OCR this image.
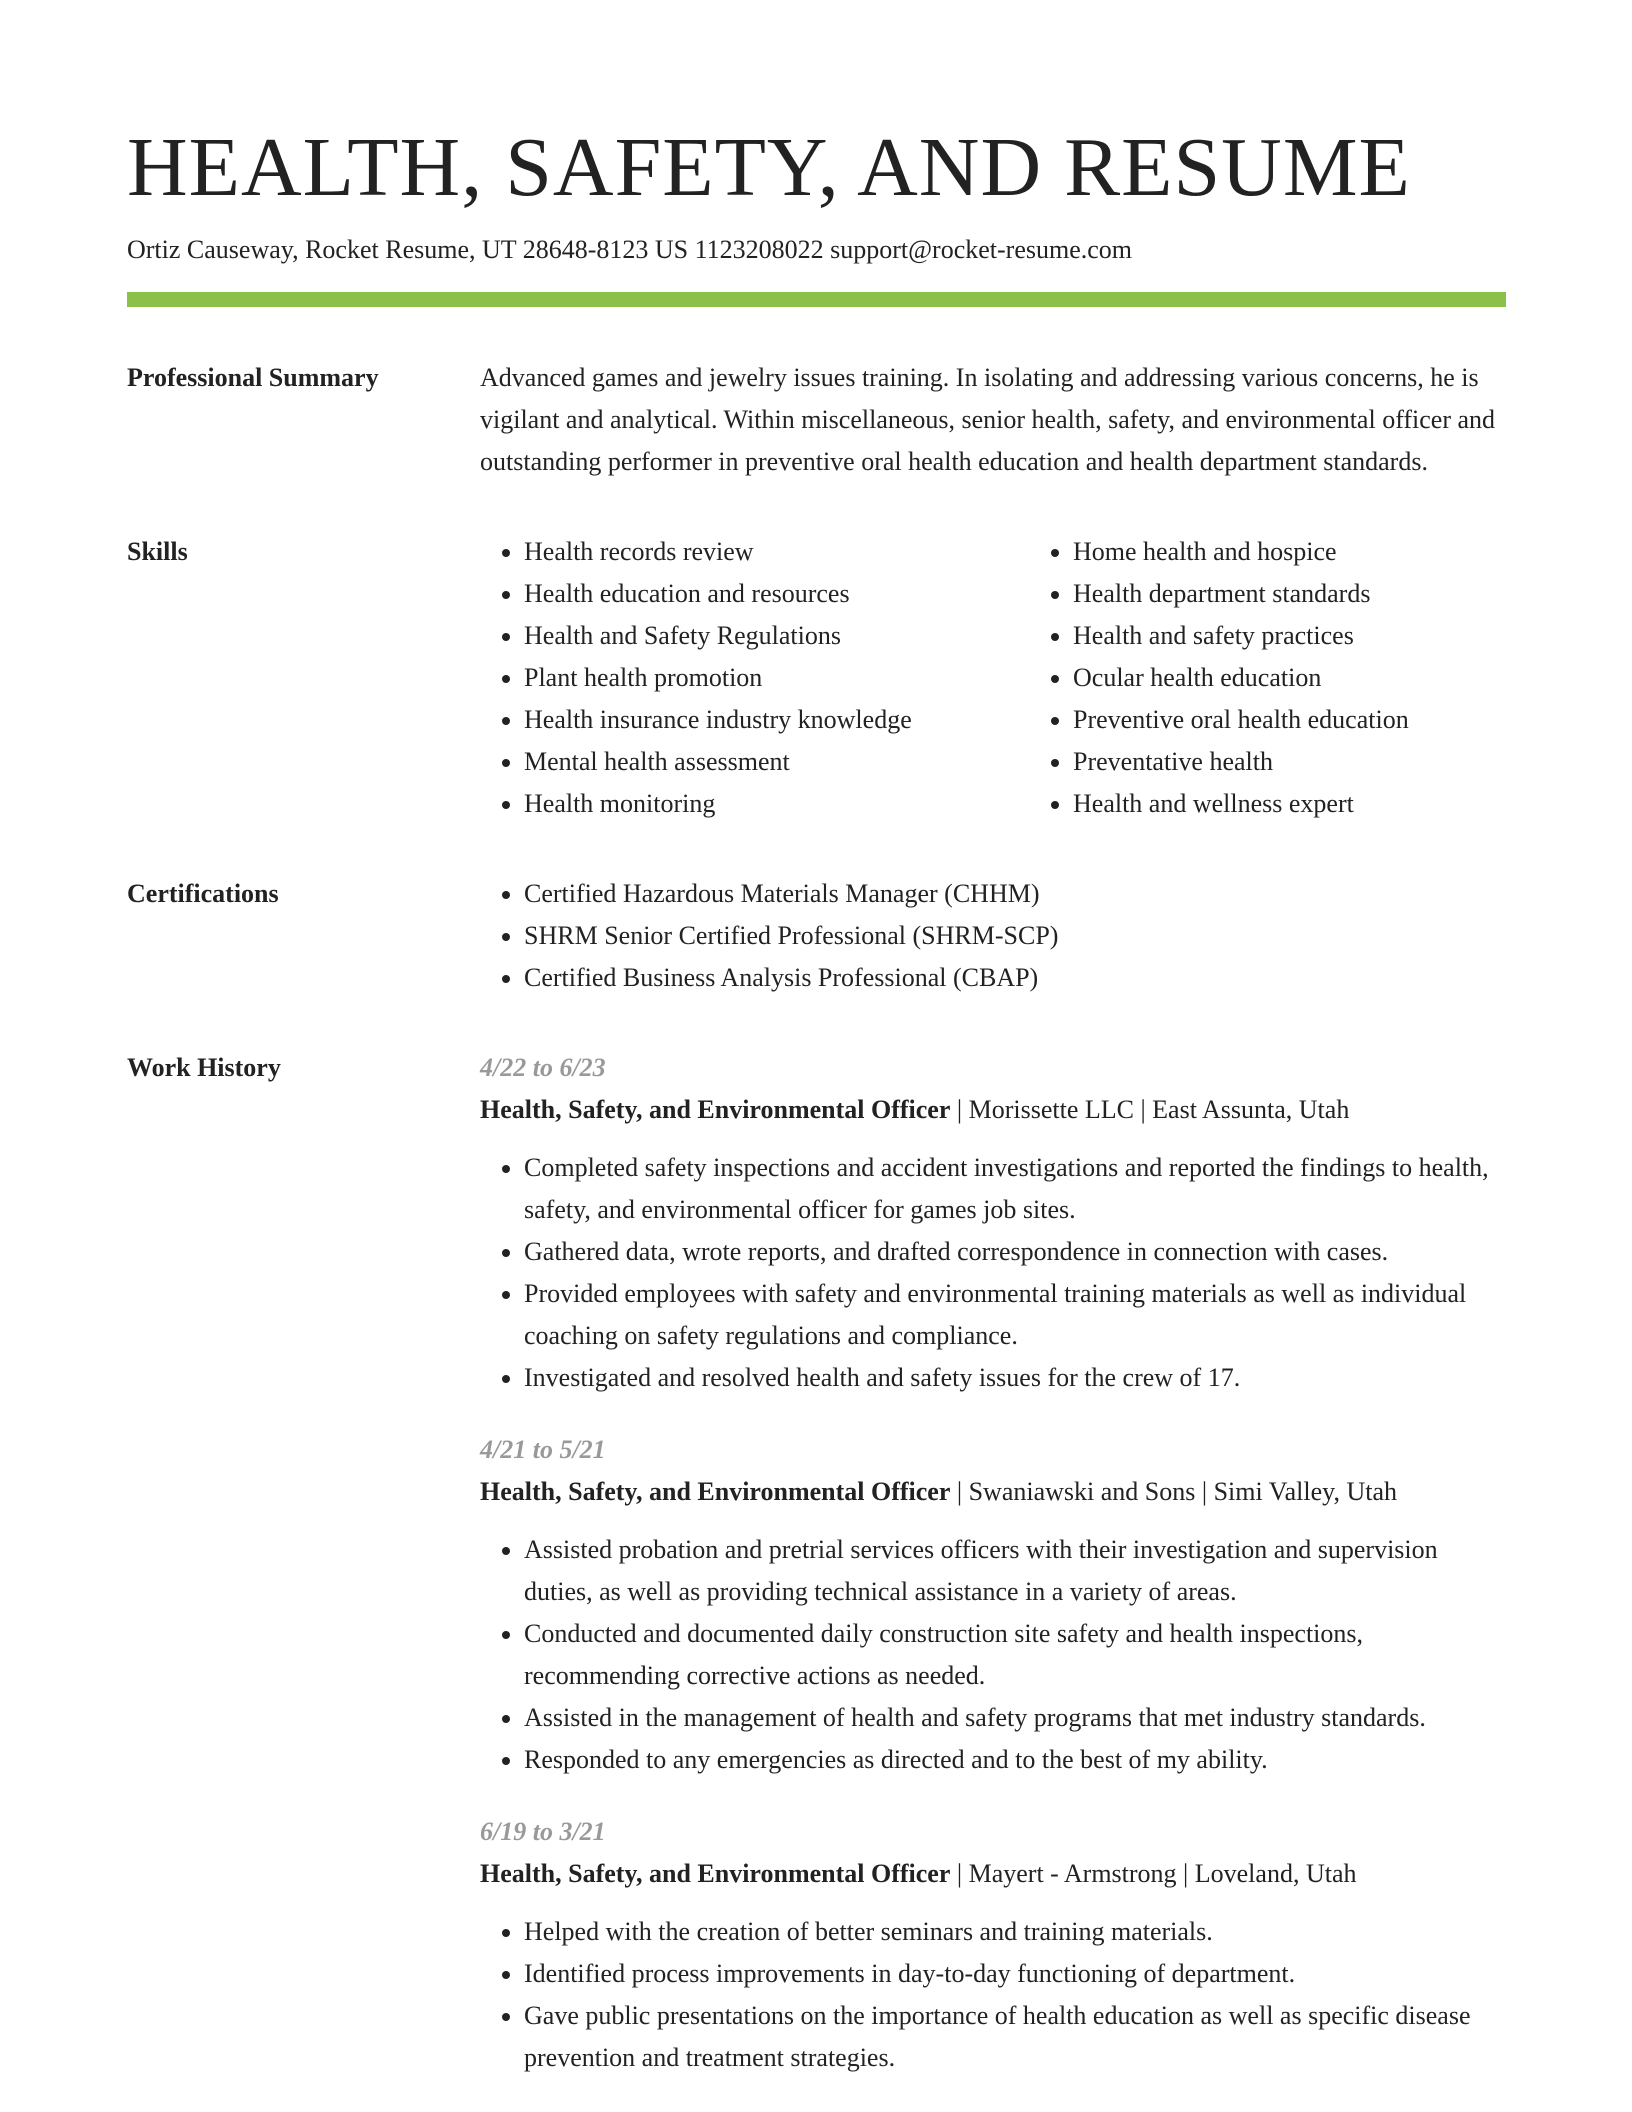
HEALTH, SAFETY, AND RESUME
Ortiz Causeway, Rocket Resume, UT 28648-8123 US 1123208022 support@rocket-resume.com
Professional Summary	Advanced games and jewelry issues training. In isolating and addressing various concerns, he is vigilant and analytical. Within miscellaneous, senior health, safety, and environmental officer and outstanding performer in preventive oral health education and health department standards.

Skills	• Health records review
• Health education and resources
• Health and Safety Regulations
• Plant health promotion
• Health insurance industry knowledge
• Mental health assessment
• Health monitoring
• Home health and hospice
• Health department standards
• Health and safety practices
• Ocular health education
• Preventive oral health education
• Preventative health
• Health and wellness expert
Certifications	• Certified Hazardous Materials Manager (CHHM)
• SHRM Senior Certified Professional (SHRM-SCP)
• Certified Business Analysis Professional (CBAP)
Work History	4/22 to 6/23
Health, Safety, and Environmental Officer | Morissette LLC | East Assunta, Utah
• Completed safety inspections and accident investigations and reported the findings to health, safety, and environmental officer for games job sites.
• Gathered data, wrote reports, and drafted correspondence in connection with cases.
• Provided employees with safety and environmental training materials as well as individual coaching on safety regulations and compliance.
• Investigated and resolved health and safety issues for the crew of 17.
4/21 to 5/21
Health, Safety, and Environmental Officer | Swaniawski and Sons | Simi Valley, Utah
• Assisted probation and pretrial services officers with their investigation and supervision duties, as well as providing technical assistance in a variety of areas.
• Conducted and documented daily construction site safety and health inspections, recommending corrective actions as needed.
• Assisted in the management of health and safety programs that met industry standards.
• Responded to any emergencies as directed and to the best of my ability.
6/19 to 3/21
Health, Safety, and Environmental Officer | Mayert - Armstrong | Loveland, Utah
• Helped with the creation of better seminars and training materials.
• Identified process improvements in day-to-day functioning of department.
• Gave public presentations on the importance of health education as well as specific disease prevention and treatment strategies.
